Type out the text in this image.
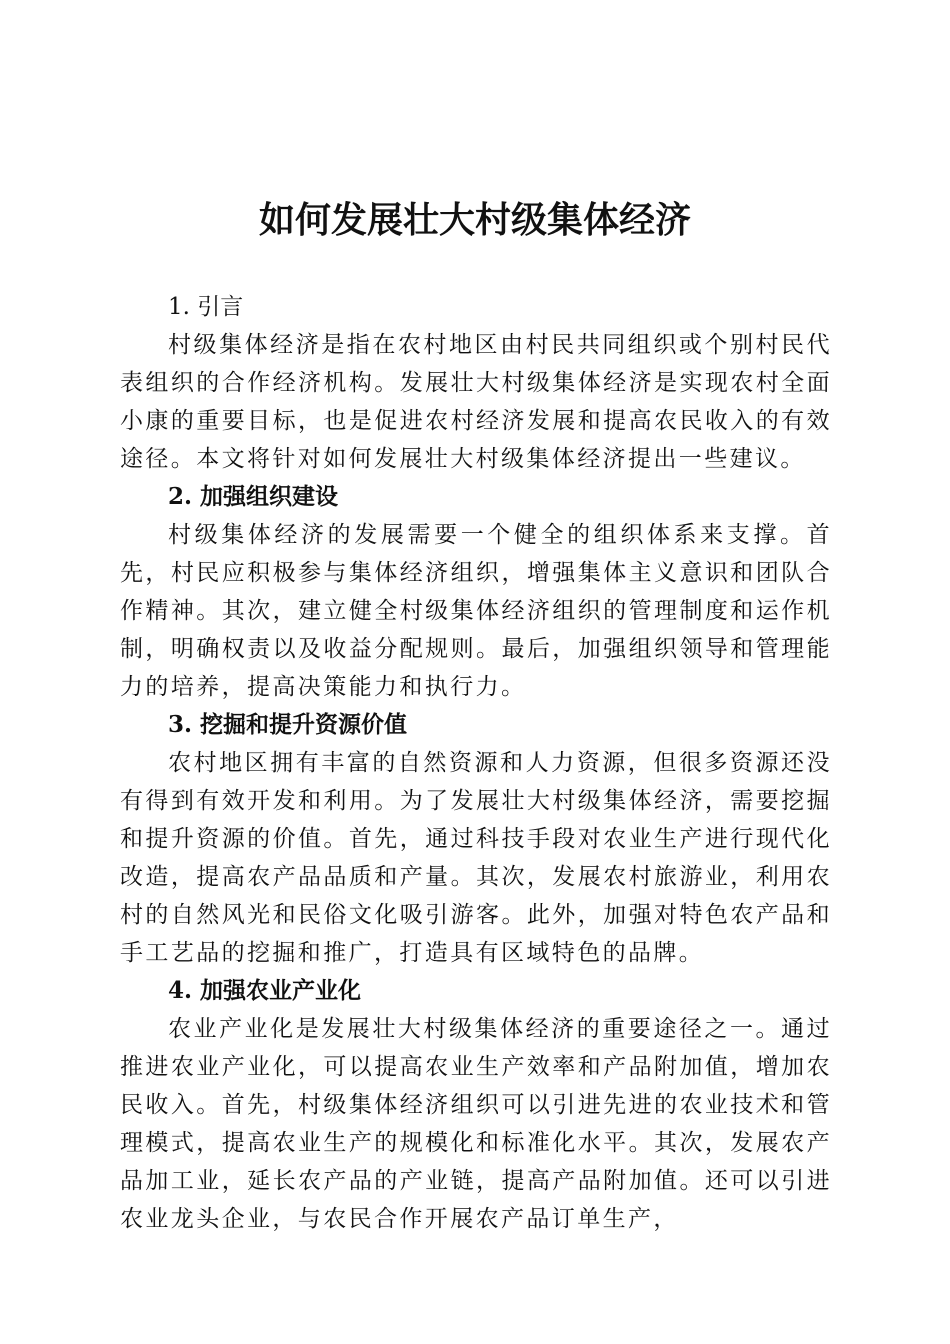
如何发展壮大村级集体经济
1. 引言

村级集体经济是指在农村地区由村民共同组织或个别村民代表组织的合作经济机构。发展壮大村级集体经济是实现农村全面小康的重要目标，也是促进农村经济发展和提高农民收入的有效途径。本文将针对如何发展壮大村级集体经济提出一些建议。

2. 加强组织建设

村级集体经济的发展需要一个健全的组织体系来支撑。首先，村民应积极参与集体经济组织，增强集体主义意识和团队合作精神。其次，建立健全村级集体经济组织的管理制度和运作机制，明确权责以及收益分配规则。最后，加强组织领导和管理能力的培养，提高决策能力和执行力。

3. 挖掘和提升资源价值

农村地区拥有丰富的自然资源和人力资源，但很多资源还没有得到有效开发和利用。为了发展壮大村级集体经济，需要挖掘和提升资源的价值。首先，通过科技手段对农业生产进行现代化改造，提高农产品品质和产量。其次，发展农村旅游业，利用农村的自然风光和民俗文化吸引游客。此外，加强对特色农产品和手工艺品的挖掘和推广，打造具有区域特色的品牌。

4. 加强农业产业化

农业产业化是发展壮大村级集体经济的重要途径之一。通过推进农业产业化，可以提高农业生产效率和产品附加值，增加农民收入。首先，村级集体经济组织可以引进先进的农业技术和管理模式，提高农业生产的规模化和标准化水平。其次，发展农产品加工业，延长农产品的产业链，提高产品附加值。还可以引进农业龙头企业，与农民合作开展农产品订单生产，
